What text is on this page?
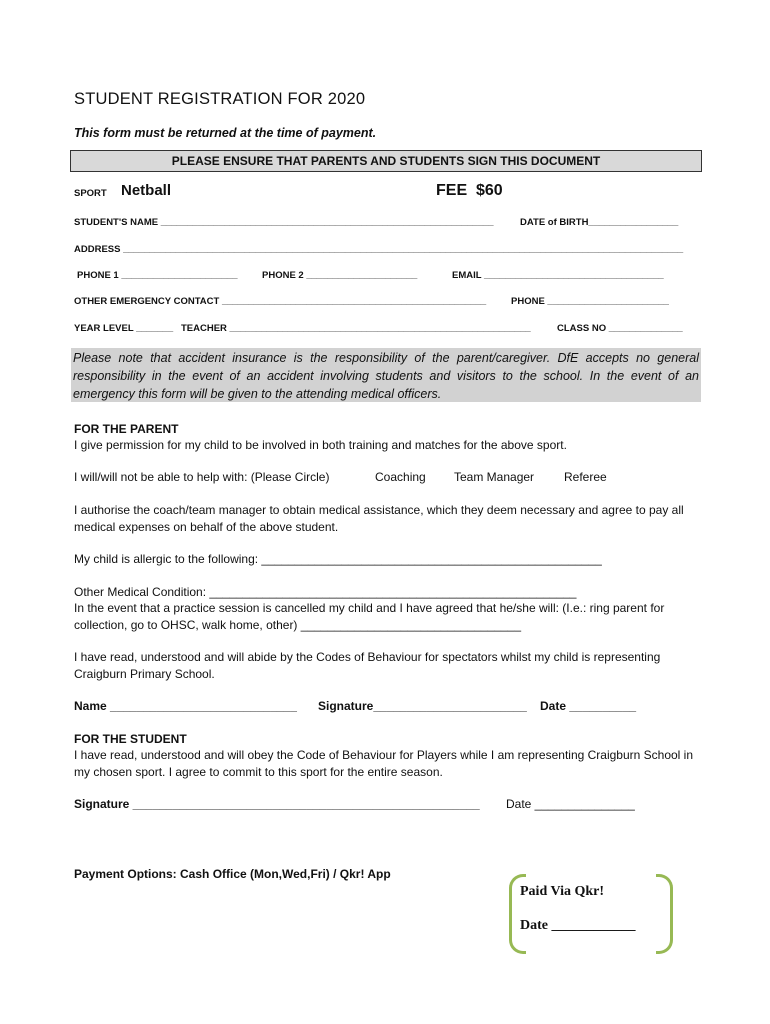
STUDENT REGISTRATION FOR 2020
This form must be returned at the time of payment.
PLEASE ENSURE THAT PARENTS AND STUDENTS SIGN THIS DOCUMENT
SPORT Netball	FEE  $60
STUDENT'S NAME _______________________________________________________________	DATE of BIRTH_________________
ADDRESS __________________________________________________________________________________________________________
PHONE 1 ______________________	PHONE 2 _____________________	EMAIL __________________________________
OTHER EMERGENCY CONTACT __________________________________________________	PHONE _______________________
YEAR LEVEL _______ TEACHER _________________________________________________________	CLASS NO ______________
Please note that accident insurance is the responsibility of the parent/caregiver. DfE accepts no general responsibility in the event of an accident involving students and visitors to the school. In the event of an emergency this form will be given to the attending medical officers.
FOR THE PARENT
I give permission for my child to be involved in both training and matches for the above sport.
I will/will not be able to help with: (Please Circle)	Coaching Team Manager Referee
I authorise the coach/team manager to obtain medical assistance, which they deem necessary and agree to pay all medical expenses on behalf of the above student.
My child is allergic to the following: ___________________________________________________
Other Medical Condition: _______________________________________________________
In the event that a practice session is cancelled my child and I have agreed that he/she will: (I.e.: ring parent for collection, go to OHSC, walk home, other) _________________________________
I have read, understood and will abide by the Codes of Behaviour for spectators whilst my child is representing Craigburn Primary School.
Name ____________________________ Signature_______________________ Date __________
FOR THE STUDENT
I have read, understood and will obey the Code of Behaviour for Players while I am representing Craigburn School in my chosen sport. I agree to commit to this sport for the entire season.
Signature ____________________________________________________ Date _______________
Payment Options: Cash Office (Mon,Wed,Fri) / Qkr! App
Paid Via Qkr!
Date ____________
